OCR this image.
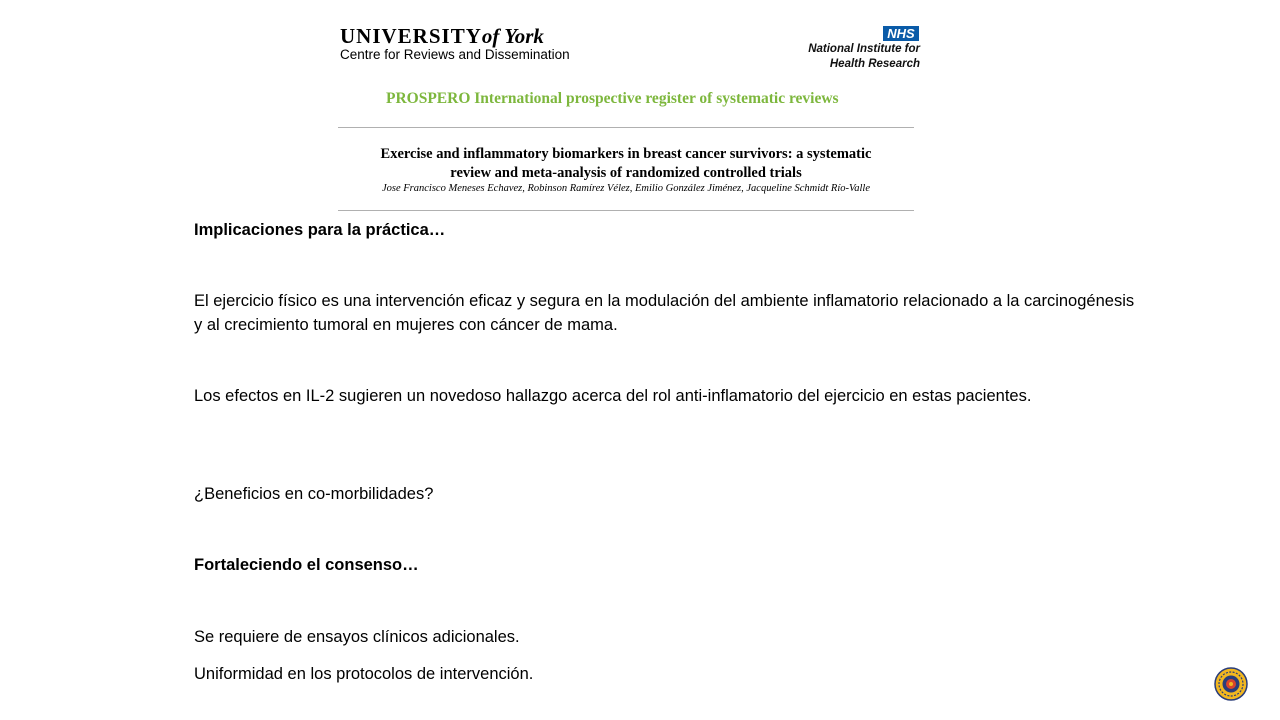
UNIVERSITYof York
Centre for Reviews and Dissemination
NHS
National Institute for
Health Research
PROSPERO International prospective register of systematic reviews
Exercise and inflammatory biomarkers in breast cancer survivors: a systematic
review and meta-analysis of randomized controlled trials
Jose Francisco Meneses Echavez, Robinson Ramírez Vélez, Emilio González Jiménez, Jacqueline Schmidt Río-Valle

Implicaciones para la práctica…

El ejercicio físico es una intervención eficaz y segura en la modulación del ambiente inflamatorio relacionado a la carcinogénesis y al crecimiento tumoral en mujeres con cáncer de mama.

Los efectos en IL-2 sugieren un novedoso hallazgo acerca del rol anti-inflamatorio del ejercicio en estas pacientes.

¿Beneficios en co-morbilidades?

Fortaleciendo el consenso…

Se requiere de ensayos clínicos adicionales.

Uniformidad en los protocolos de intervención.
